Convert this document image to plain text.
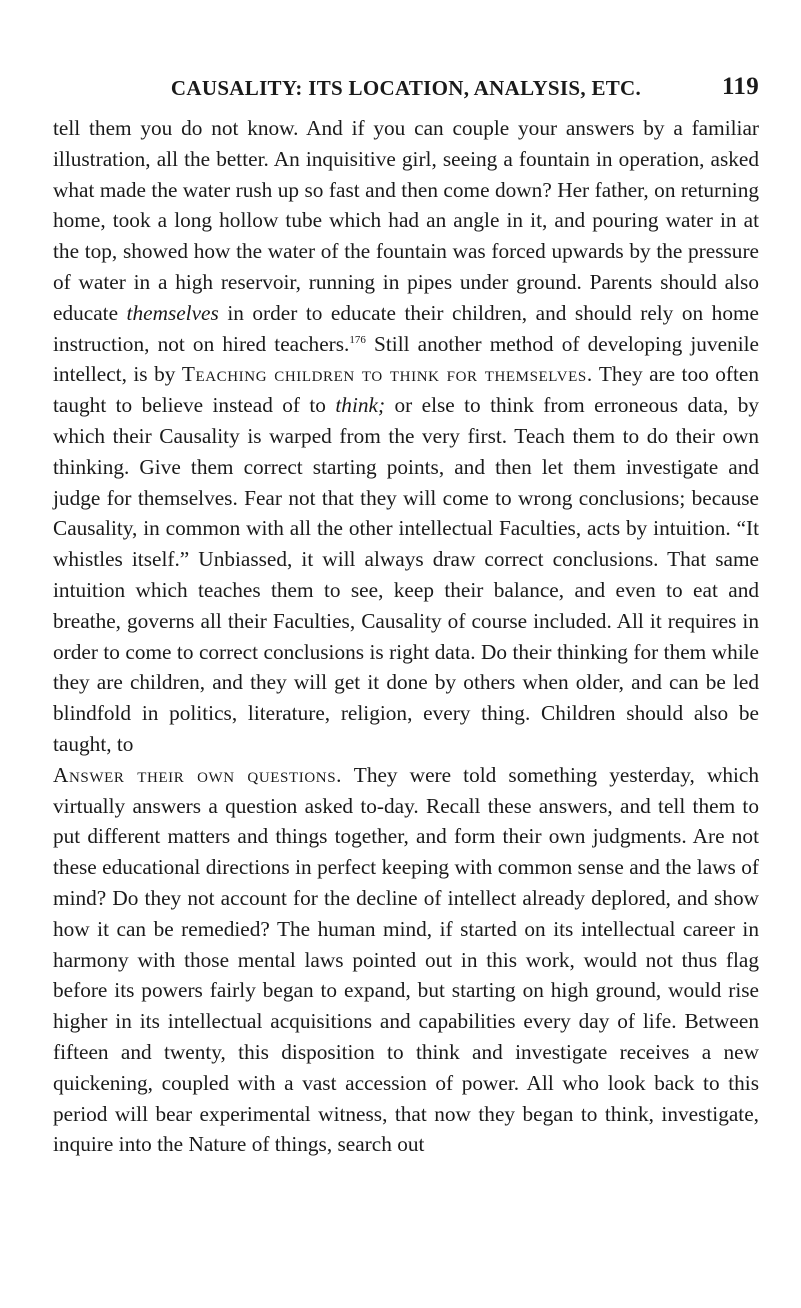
CAUSALITY: ITS LOCATION, ANALYSIS, ETC.	119

tell them you do not know. And if you can couple your answers by a familiar illustration, all the better. An inquisitive girl, seeing a fountain in operation, asked what made the water rush up so fast and then come down? Her father, on returning home, took a long hollow tube which had an angle in it, and pouring water in at the top, showed how the water of the fountain was forced upwards by the pressure of water in a high reservoir, running in pipes under ground. Parents should also educate themselves in order to educate their children, and should rely on home instruction, not on hired teachers.$^{176}$ Still another method of developing juvenile intellect, is by Teaching children to think for themselves. They are too often taught to believe instead of to think; or else to think from erroneous data, by which their Causality is warped from the very first. Teach them to do their own thinking. Give them correct starting points, and then let them investigate and judge for themselves. Fear not that they will come to wrong conclusions; because Causality, in common with all the other intellectual Faculties, acts by intuition. “It whistles itself.” Unbiassed, it will always draw correct conclusions. That same intuition which teaches them to see, keep their balance, and even to eat and breathe, governs all their Faculties, Causality of course included. All it requires in order to come to correct conclusions is right data. Do their thinking for them while they are children, and they will get it done by others when older, and can be led blindfold in politics, literature, religion, every thing. Children should also be taught, to

Answer their own questions. They were told something yesterday, which virtually answers a question asked to-day. Recall these answers, and tell them to put different matters and things together, and form their own judgments. Are not these educational directions in perfect keeping with common sense and the laws of mind? Do they not account for the decline of intellect already deplored, and show how it can be remedied? The human mind, if started on its intellectual career in harmony with those mental laws pointed out in this work, would not thus flag before its powers fairly began to expand, but starting on high ground, would rise higher in its intellectual acquisitions and capabilities every day of life. Between fifteen and twenty, this disposition to think and investigate receives a new quickening, coupled with a vast accession of power. All who look back to this period will bear experimental witness, that now they began to think, investigate, inquire into the Nature of things, search out
